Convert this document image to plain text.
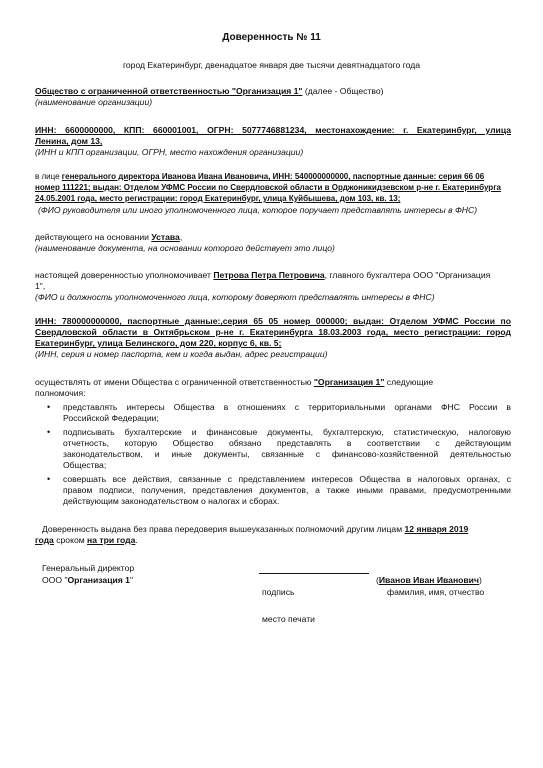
Доверенность № 11
город Екатеринбург, двенадцатое января две тысячи девятнадцатого года
Общество с ограниченной ответственностью "Организация 1" (далее - Общество)
(наименование организации)
ИНН: 6600000000, КПП: 660001001, ОГРН: 5077746881234, местонахождение: г. Екатеринбург, улица
Ленина, дом 13,
(ИНН и КПП организации, ОГРН, место нахождения организации)
в лице генерального директора Иванова Ивана Ивановича, ИНН: 540000000000, паспортные данные: серия 66 06
номер 111221; выдан: Отделом УФМС России по Свердловской области в Орджоникидзевском р-не г. Екатеринбурга
24.05.2001 года, место регистрации: город Екатеринбург, улица Куйбышева, дом 103, кв. 13;
(ФИО руководителя или иного уполномоченного лица, которое поручает представлять интересы в ФНС)
действующего на основании Устава,
(наименование документа, на основании которого действует это лицо)
настоящей доверенностью уполномочивает Петрова Петра Петровича, главного бухгалтера ООО "Организация
1",
(ФИО и должность уполномоченного лица, которому доверяют представлять интересы в ФНС)
ИНН: 780000000000, паспортные данные:,серия 65 05 номер 000000; выдан: Отделом УФМС России по
Свердловской области в Октябрьском р-не г. Екатеринбурга 18.03.2003 года, место регистрации: город
Екатеринбург, улица Белинского, дом 220, корпус 6, кв. 5;
(ИНН, серия и номер паспорта, кем и когда выдан, адрес регистрации)
осуществлять от имени Общества с ограниченной ответственностью "Организация 1" следующие
полномочия:
• представлять интересы Общества в отношениях с территориальными органами ФНС России в
Российской Федерации;
• подписывать бухгалтерские и финансовые документы, бухгалтерскую, статистическую, налоговую
отчетность, которую Общество обязано представлять в соответствии с действующим
законодательством, и иные документы, связанные с финансово-хозяйственной деятельностью
Общества;
• совершать все действия, связанные с представлением интересов Общества в налоговых органах, с
правом подписи, получения, представления документов, а также иными правами, предусмотренными
действующим законодательством о налогах и сборах.
Доверенность выдана без права передоверия вышеуказанных полномочий другим лицам 12 января 2019
года сроком на три года.
Генеральный директор
ООО "Организация 1"	(Иванов Иван Иванович)
подпись	фамилия, имя, отчество
место печати
